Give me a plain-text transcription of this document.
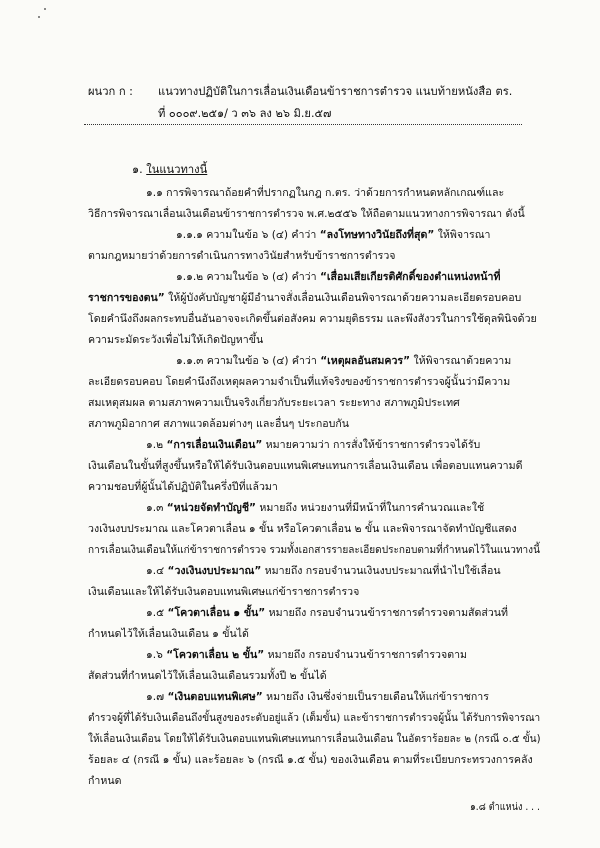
ผนวก ก :	แนวทางปฏิบัติในการเลื่อนเงินเดือนข้าราชการตำรวจ แนบท้ายหนังสือ ตร.
ที่ ๐๐๐๙.๒๕๑/ ว ๓๖ ลง ๒๖ มิ.ย.๕๗
๑. ในแนวทางนี้
๑.๑ การพิจารณาถ้อยคำที่ปรากฏในกฎ ก.ตร. ว่าด้วยการกำหนดหลักเกณฑ์และ
วิธีการพิจารณาเลื่อนเงินเดือนข้าราชการตำรวจ พ.ศ.๒๕๕๖ ให้ถือตามแนวทางการพิจารณา ดังนี้
๑.๑.๑ ความในข้อ ๖ (๔) คำว่า “ลงโทษทางวินัยถึงที่สุด” ให้พิจารณา
ตามกฎหมายว่าด้วยการดำเนินการทางวินัยสำหรับข้าราชการตำรวจ
๑.๑.๒ ความในข้อ ๖ (๔) คำว่า “เสื่อมเสียเกียรติศักดิ์ของตำแหน่งหน้าที่
ราชการของตน” ให้ผู้บังคับบัญชาผู้มีอำนาจสั่งเลื่อนเงินเดือนพิจารณาด้วยความละเอียดรอบคอบ
โดยคำนึงถึงผลกระทบอื่นอันอาจจะเกิดขึ้นต่อสังคม ความยุติธรรม และพึงสังวรในการใช้ดุลพินิจด้วย
ความระมัดระวังเพื่อไม่ให้เกิดปัญหาขึ้น
๑.๑.๓ ความในข้อ ๖ (๔) คำว่า “เหตุผลอันสมควร” ให้พิจารณาด้วยความ
ละเอียดรอบคอบ โดยคำนึงถึงเหตุผลความจำเป็นที่แท้จริงของข้าราชการตำรวจผู้นั้นว่ามีความ
สมเหตุสมผล ตามสภาพความเป็นจริงเกี่ยวกับระยะเวลา ระยะทาง สภาพภูมิประเทศ
สภาพภูมิอากาศ สภาพแวดล้อมต่างๆ และอื่นๆ ประกอบกัน
๑.๒ “การเลื่อนเงินเดือน” หมายความว่า การสั่งให้ข้าราชการตำรวจได้รับ
เงินเดือนในขั้นที่สูงขึ้นหรือให้ได้รับเงินตอบแทนพิเศษแทนการเลื่อนเงินเดือน เพื่อตอบแทนความดี
ความชอบที่ผู้นั้นได้ปฏิบัติในครึ่งปีที่แล้วมา
๑.๓ “หน่วยจัดทำบัญชี” หมายถึง หน่วยงานที่มีหน้าที่ในการคำนวณและใช้
วงเงินงบประมาณ และโควตาเลื่อน ๑ ขั้น หรือโควตาเลื่อน ๒ ขั้น และพิจารณาจัดทำบัญชีแสดง
การเลื่อนเงินเดือนให้แก่ข้าราชการตำรวจ รวมทั้งเอกสารรายละเอียดประกอบตามที่กำหนดไว้ในแนวทางนี้
๑.๔ “วงเงินงบประมาณ” หมายถึง กรอบจำนวนเงินงบประมาณที่นำไปใช้เลื่อน
เงินเดือนและให้ได้รับเงินตอบแทนพิเศษแก่ข้าราชการตำรวจ
๑.๕ “โควตาเลื่อน ๑ ขั้น” หมายถึง กรอบจำนวนข้าราชการตำรวจตามสัดส่วนที่
กำหนดไว้ให้เลื่อนเงินเดือน ๑ ขั้นได้
๑.๖ “โควตาเลื่อน ๒ ขั้น” หมายถึง กรอบจำนวนข้าราชการตำรวจตาม
สัดส่วนที่กำหนดไว้ให้เลื่อนเงินเดือนรวมทั้งปี ๒ ขั้นได้
๑.๗ “เงินตอบแทนพิเศษ” หมายถึง เงินซึ่งจ่ายเป็นรายเดือนให้แก่ข้าราชการ
ตำรวจผู้ที่ได้รับเงินเดือนถึงขั้นสูงของระดับอยู่แล้ว (เต็มขั้น) และข้าราชการตำรวจผู้นั้น ได้รับการพิจารณา
ให้เลื่อนเงินเดือน โดยให้ได้รับเงินตอบแทนพิเศษแทนการเลื่อนเงินเดือน ในอัตราร้อยละ ๒ (กรณี ๐.๕ ขั้น)
ร้อยละ ๔ (กรณี ๑ ขั้น) และร้อยละ ๖ (กรณี ๑.๕ ขั้น) ของเงินเดือน ตามที่ระเบียบกระทรวงการคลัง
กำหนด
๑.๘ ตำแหน่ง . . .
